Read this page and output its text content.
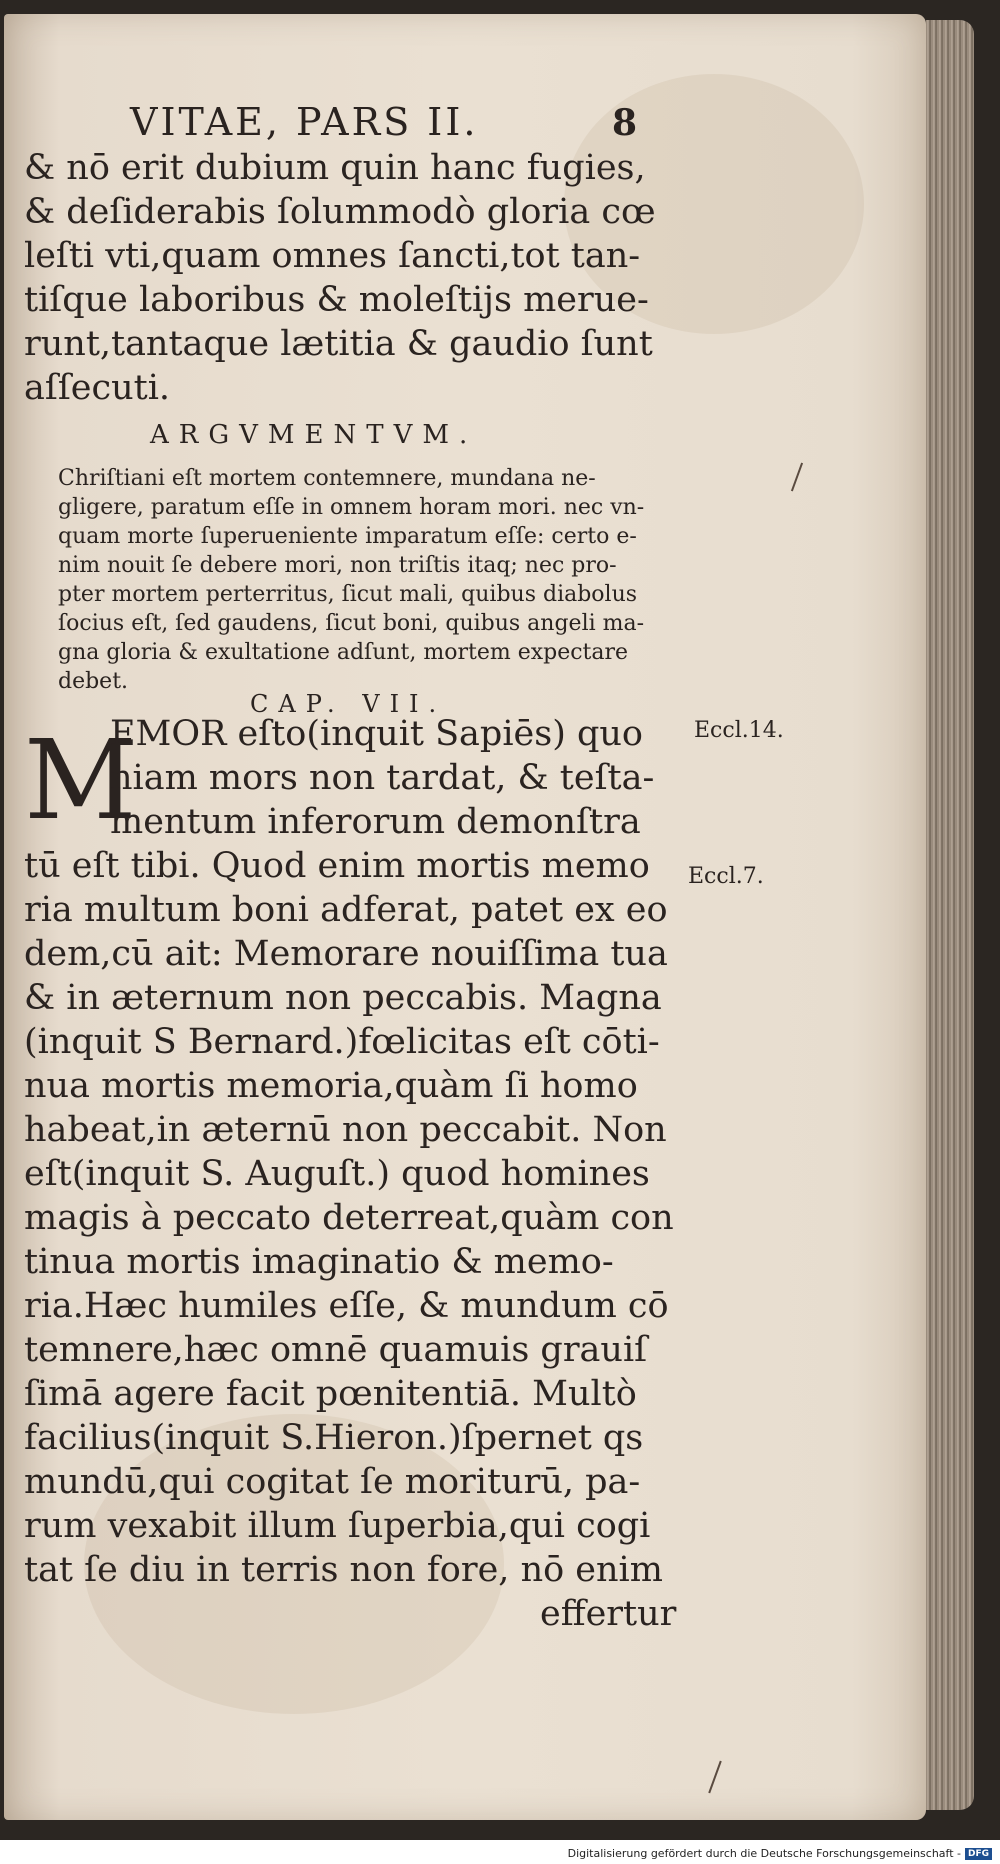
VITAE, PARS II.	8
& nō erit dubium quin hanc fugies,
& deſiderabis ſolummodò gloria cœ
leſti vti,quam omnes ſancti,tot tan-
tiſque laboribus & moleſtijs merue-
runt,tantaque lætitia & gaudio ſunt
aſſecuti.
ARGVMENTVM.
Chriſtiani eſt mortem contemnere, mundana ne-
gligere, paratum eſſe in omnem horam mori. nec vn-
quam morte ſuperueniente imparatum eſſe: certo e-
nim nouit ſe debere mori, non triſtis itaq; nec pro-
pter mortem perterritus, ſicut mali, quibus diabolus
ſocius eſt, ſed gaudens, ſicut boni, quibus angeli ma-
gna gloria & exultatione adſunt, mortem expectare
debet.
CAP. VII.
M
EMOR eſto(inquit Sapiēs) quo
niam mors non tardat, & teſta-
mentum inferorum demonſtra
tū eſt tibi. Quod enim mortis memo
ria multum boni adferat, patet ex eo
dem,cū ait: Memorare nouiſſima tua
& in æternum non peccabis. Magna
(inquit S Bernard.)fœlicitas eſt cōti-
nua mortis memoria,quàm ſi homo
habeat,in æternū non peccabit. Non
eſt(inquit S. Auguſt.) quod homines
magis à peccato deterreat,quàm con
tinua mortis imaginatio & memo-
ria.Hæc humiles eſſe, & mundum cō
temnere,hæc omnē quamuis grauiſ
ſimā agere facit pœnitentiā. Multò
facilius(inquit S.Hieron.)ſpernet qs
mundū,qui cogitat ſe moriturū, pa-
rum vexabit illum ſuperbia,qui cogi
tat ſe diu in terris non fore, nō enim
effertur
Eccl.14.
Eccl.7.
Digitalisierung gefördert durch die Deutsche Forschungsgemeinschaft - DFG
